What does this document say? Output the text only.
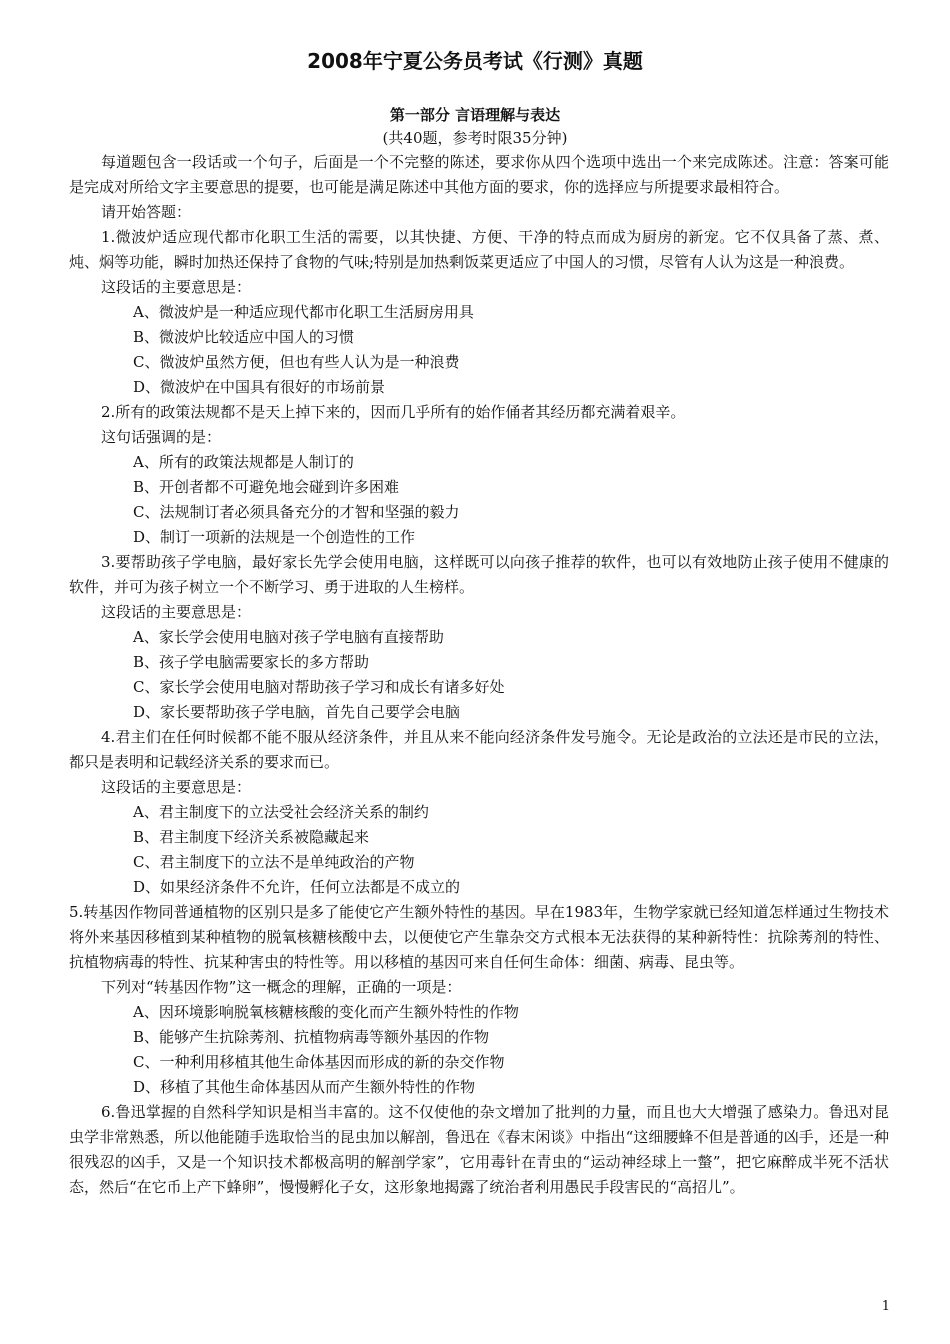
2008年宁夏公务员考试《行测》真题
第一部分 言语理解与表达
(共40题，参考时限35分钟)

每道题包含一段话或一个句子，后面是一个不完整的陈述，要求你从四个选项中选出一个来完成陈述。注意：答案可能是完成对所给文字主要意思的提要，也可能是满足陈述中其他方面的要求，你的选择应与所提要求最相符合。

请开始答题：

1.微波炉适应现代都市化职工生活的需要，以其快捷、方便、干净的特点而成为厨房的新宠。它不仅具备了蒸、煮、炖、焖等功能，瞬时加热还保持了食物的气味;特别是加热剩饭菜更适应了中国人的习惯，尽管有人认为这是一种浪费。

这段话的主要意思是：

A、微波炉是一种适应现代都市化职工生活厨房用具

B、微波炉比较适应中国人的习惯

C、微波炉虽然方便，但也有些人认为是一种浪费

D、微波炉在中国具有很好的市场前景

2.所有的政策法规都不是天上掉下来的，因而几乎所有的始作俑者其经历都充满着艰辛。

这句话强调的是：

A、所有的政策法规都是人制订的

B、开创者都不可避免地会碰到许多困难

C、法规制订者必须具备充分的才智和坚强的毅力

D、制订一项新的法规是一个创造性的工作

3.要帮助孩子学电脑，最好家长先学会使用电脑，这样既可以向孩子推荐的软件，也可以有效地防止孩子使用不健康的软件，并可为孩子树立一个不断学习、勇于进取的人生榜样。

这段话的主要意思是：

A、家长学会使用电脑对孩子学电脑有直接帮助

B、孩子学电脑需要家长的多方帮助

C、家长学会使用电脑对帮助孩子学习和成长有诸多好处

D、家长要帮助孩子学电脑，首先自己要学会电脑

4.君主们在任何时候都不能不服从经济条件，并且从来不能向经济条件发号施令。无论是政治的立法还是市民的立法，都只是表明和记载经济关系的要求而已。

这段话的主要意思是：

A、君主制度下的立法受社会经济关系的制约

B、君主制度下经济关系被隐藏起来

C、君主制度下的立法不是单纯政治的产物

D、如果经济条件不允许，任何立法都是不成立的

5.转基因作物同普通植物的区别只是多了能使它产生额外特性的基因。早在1983年，生物学家就已经知道怎样通过生物技术将外来基因移植到某种植物的脱氧核糖核酸中去，以便使它产生靠杂交方式根本无法获得的某种新特性：抗除莠剂的特性、抗植物病毒的特性、抗某种害虫的特性等。用以移植的基因可来自任何生命体：细菌、病毒、昆虫等。

下列对“转基因作物”这一概念的理解，正确的一项是：

A、因环境影响脱氧核糖核酸的变化而产生额外特性的作物

B、能够产生抗除莠剂、抗植物病毒等额外基因的作物

C、一种利用移植其他生命体基因而形成的新的杂交作物

D、移植了其他生命体基因从而产生额外特性的作物

6.鲁迅掌握的自然科学知识是相当丰富的。这不仅使他的杂文增加了批判的力量，而且也大大增强了感染力。鲁迅对昆虫学非常熟悉，所以他能随手选取恰当的昆虫加以解剖，鲁迅在《春末闲谈》中指出“这细腰蜂不但是普通的凶手，还是一种很残忍的凶手，又是一个知识技术都极高明的解剖学家”，它用毒针在青虫的“运动神经球上一螫”，把它麻醉成半死不活状态，然后“在它币上产下蜂卵”，慢慢孵化子女，这形象地揭露了统治者利用愚民手段害民的“高招儿”。

1
